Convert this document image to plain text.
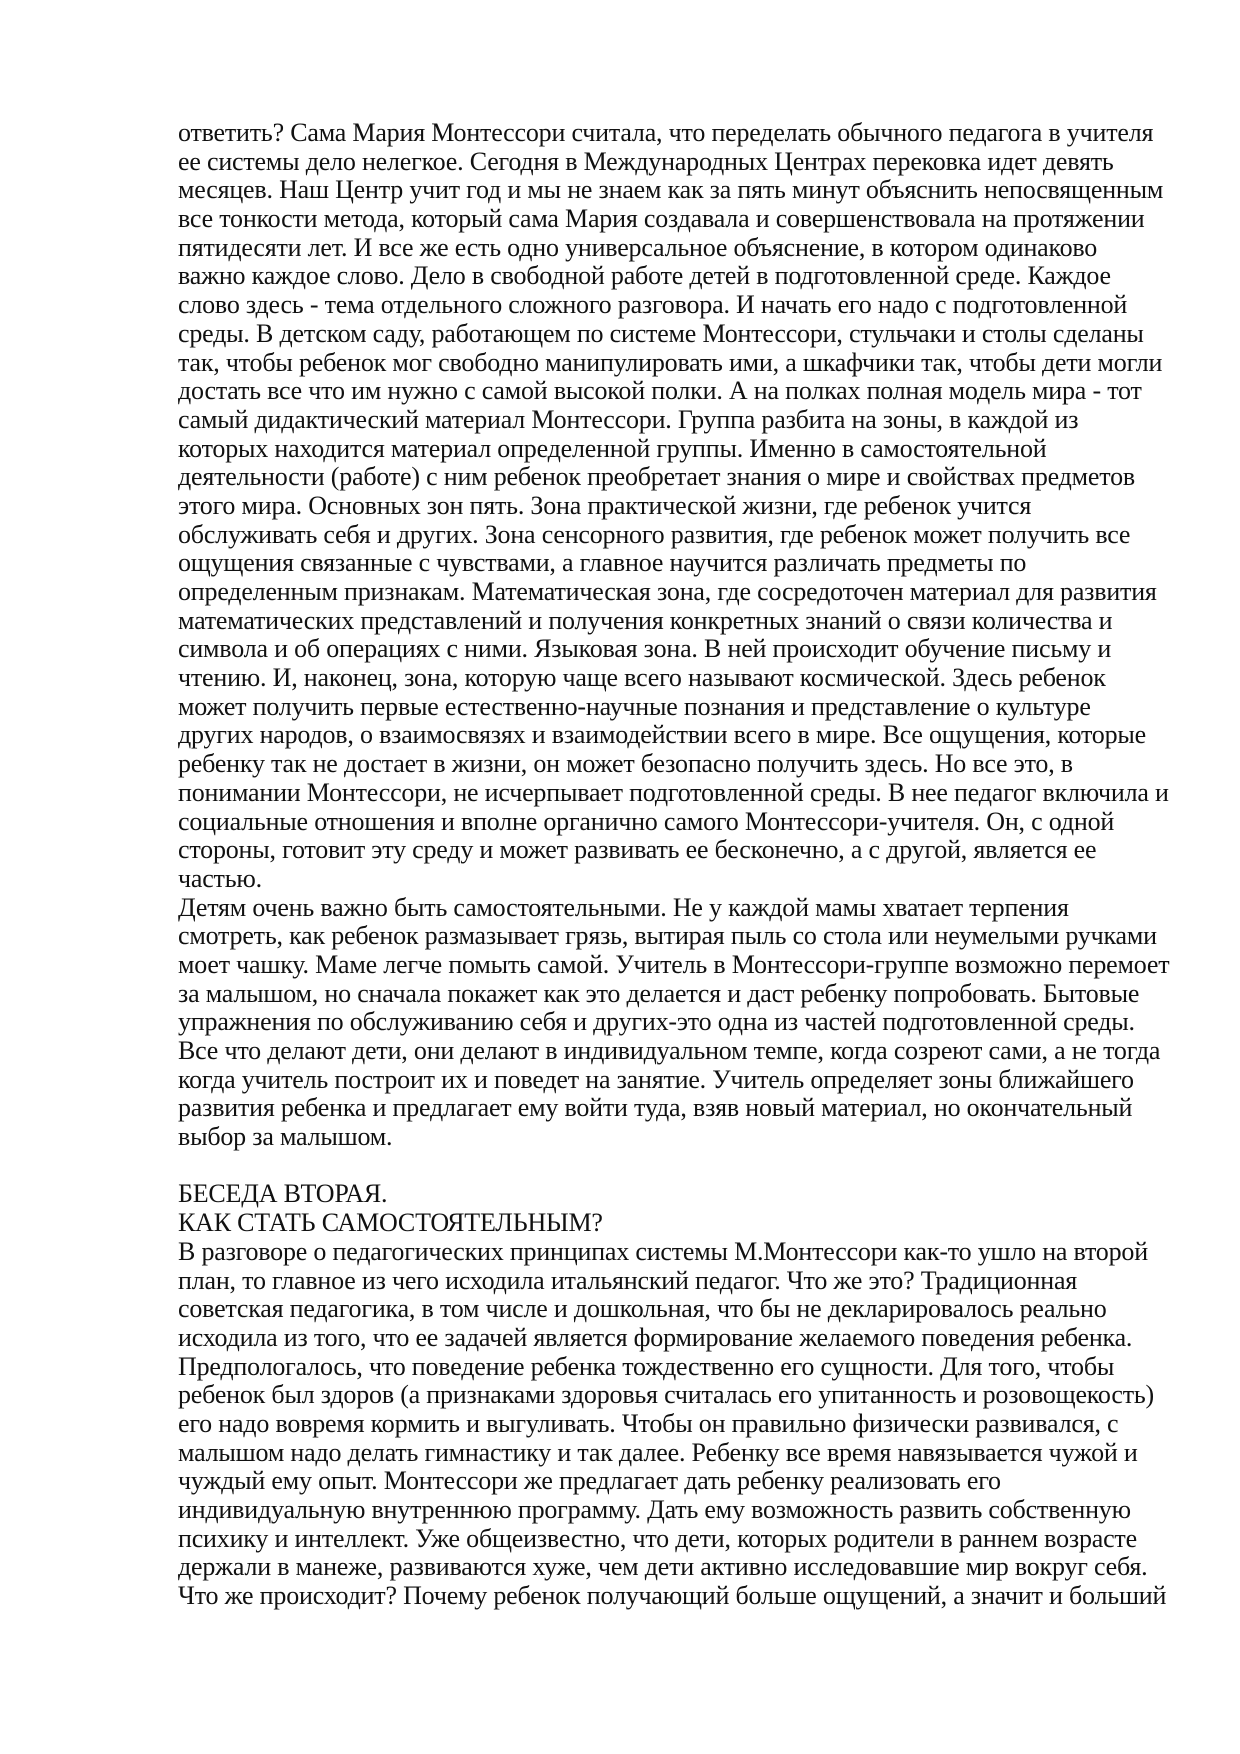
ответить? Сама Мария Монтессори считала, что переделать обычного педагога в учителя
ее системы дело нелегкое. Сегодня в Международных Центрах перековка идет девять
месяцев. Наш Центр учит год и мы не знаем как за пять минут объяснить непосвященным
все тонкости метода, который сама Мария создавала и совершенствовала на протяжении
пятидесяти лет. И все же есть одно универсальное объяснение, в котором одинаково
важно каждое слово. Дело в свободной работе детей в подготовленной среде. Каждое
слово здесь - тема отдельного сложного разговора. И начать его надо с подготовленной
среды. В детском саду, работающем по системе Монтессори, стульчаки и столы сделаны
так, чтобы ребенок мог свободно манипулировать ими, а шкафчики так, чтобы дети могли
достать все что им нужно с самой высокой полки. А на полках полная модель мира - тот
самый дидактический материал Монтессори. Группа разбита на зоны, в каждой из
которых находится материал определенной группы. Именно в самостоятельной
деятельности (работе) с ним ребенок преобретает знания о мире и свойствах предметов
этого мира. Основных зон пять. Зона практической жизни, где ребенок учится
обслуживать себя и других. Зона сенсорного развития, где ребенок может получить все
ощущения связанные с чувствами, а главное научится различать предметы по
определенным признакам. Математическая зона, где сосредоточен материал для развития
математических представлений и получения конкретных знаний о связи количества и
символа и об операциях с ними. Языковая зона. В ней происходит обучение письму и
чтению. И, наконец, зона, которую чаще всего называют космической. Здесь ребенок
может получить первые естественно-научные познания и представление о культуре
других народов, о взаимосвязях и взаимодействии всего в мире. Все ощущения, которые
ребенку так не достает в жизни, он может безопасно получить здесь. Но все это, в
понимании Монтессори, не исчерпывает подготовленной среды. В нее педагог включила и
социальные отношения и вполне органично самого Монтессори-учителя. Он, с одной
стороны, готовит эту среду и может развивать ее бесконечно, а с другой, является ее
частью.
Детям очень важно быть самостоятельными. Не у каждой мамы хватает терпения
смотреть, как ребенок размазывает грязь, вытирая пыль со стола или неумелыми ручками
моет чашку. Маме легче помыть самой. Учитель в Монтессори-группе возможно перемоет
за малышом, но сначала покажет как это делается и даст ребенку попробовать. Бытовые
упражнения по обслуживанию себя и других-это одна из частей подготовленной среды.
Все что делают дети, они делают в индивидуальном темпе, когда созреют сами, а не тогда
когда учитель построит их и поведет на занятие. Учитель определяет зоны ближайшего
развития ребенка и предлагает ему войти туда, взяв новый материал, но окончательный
выбор за малышом.
БЕСЕДА ВТОРАЯ.
КАК СТАТЬ САМОСТОЯТЕЛЬНЫМ?
В разговоре о педагогических принципах системы М.Монтессори как-то ушло на второй
план, то главное из чего исходила итальянский педагог. Что же это? Традиционная
советская педагогика, в том числе и дошкольная, что бы не декларировалось реально
исходила из того, что ее задачей является формирование желаемого поведения ребенка.
Предпологалось, что поведение ребенка тождественно его сущности. Для того, чтобы
ребенок был здоров (а признаками здоровья считалась его упитанность и розовощекость)
его надо вовремя кормить и выгуливать. Чтобы он правильно физически развивался, с
малышом надо делать гимнастику и так далее. Ребенку все время навязывается чужой и
чуждый ему опыт. Монтессори же предлагает дать ребенку реализовать его
индивидуальную внутреннюю программу. Дать ему возможность развить собственную
психику и интеллект. Уже общеизвестно, что дети, которых родители в раннем возрасте
держали в манеже, развиваются хуже, чем дети активно исследовавшие мир вокруг себя.
Что же происходит? Почему ребенок получающий больше ощущений, а значит и больший
